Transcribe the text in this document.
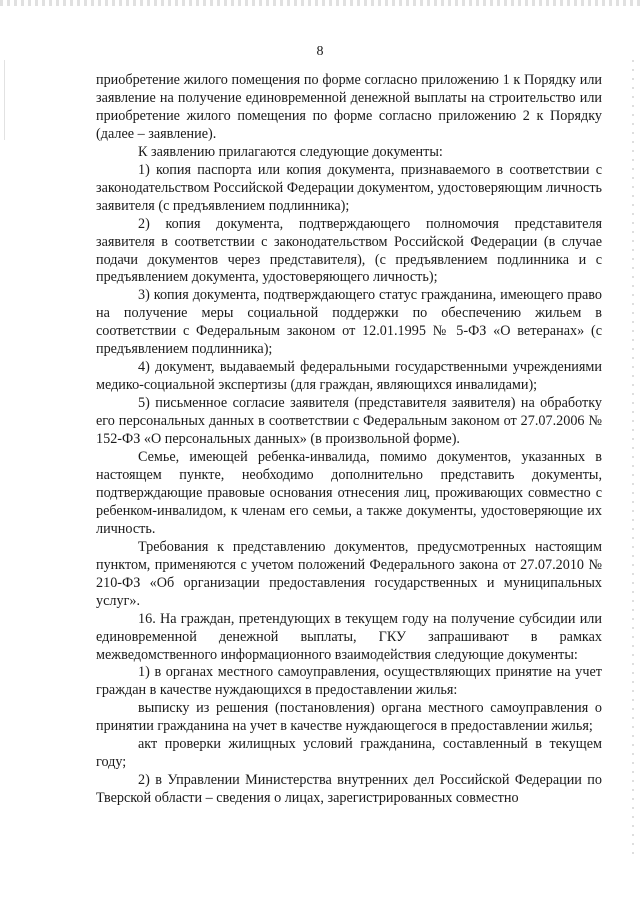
8

приобретение жилого помещения по форме согласно приложению 1 к Порядку или заявление на получение единовременной денежной выплаты на строительство или приобретение жилого помещения по форме согласно приложению 2 к Порядку (далее – заявление).

К заявлению прилагаются следующие документы:

1) копия паспорта или копия документа, признаваемого в соответствии с законодательством Российской Федерации документом, удостоверяющим личность заявителя (с предъявлением подлинника);

2) копия документа, подтверждающего полномочия представителя заявителя в соответствии с законодательством Российской Федерации (в случае подачи документов через представителя), (с предъявлением подлинника и с предъявлением документа, удостоверяющего личность);

3) копия документа, подтверждающего статус гражданина, имеющего право на получение меры социальной поддержки по обеспечению жильем в соответствии с Федеральным законом от 12.01.1995 № 5-ФЗ «О ветеранах» (с предъявлением подлинника);

4) документ, выдаваемый федеральными государственными учреждениями медико-социальной экспертизы (для граждан, являющихся инвалидами);

5) письменное согласие заявителя (представителя заявителя) на обработку его персональных данных в соответствии с Федеральным законом от 27.07.2006 № 152-ФЗ «О персональных данных» (в произвольной форме).

Семье, имеющей ребенка-инвалида, помимо документов, указанных в настоящем пункте, необходимо дополнительно представить документы, подтверждающие правовые основания отнесения лиц, проживающих совместно с ребенком-инвалидом, к членам его семьи, а также документы, удостоверяющие их личность.

Требования к представлению документов, предусмотренных настоящим пунктом, применяются с учетом положений Федерального закона от 27.07.2010 № 210-ФЗ «Об организации предоставления государственных и муниципальных услуг».

16. На граждан, претендующих в текущем году на получение субсидии или единовременной денежной выплаты, ГКУ запрашивают в рамках межведомственного информационного взаимодействия следующие документы:

1) в органах местного самоуправления, осуществляющих принятие на учет граждан в качестве нуждающихся в предоставлении жилья:

выписку из решения (постановления) органа местного самоуправления о принятии гражданина на учет в качестве нуждающегося в предоставлении жилья;

акт проверки жилищных условий гражданина, составленный в текущем году;

2) в Управлении Министерства внутренних дел Российской Федерации по Тверской области – сведения о лицах, зарегистрированных совместно
